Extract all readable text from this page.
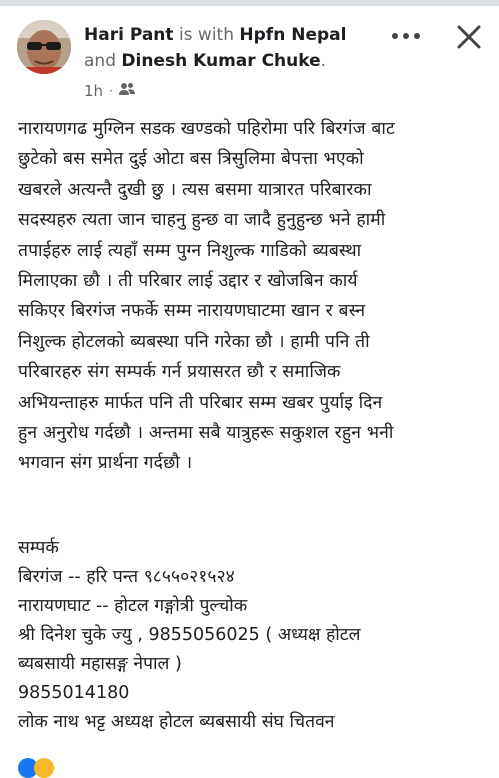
Hari Pant is with Hpfn Nepal
and Dinesh Kumar Chuke.
1h ·
नारायणगढ मुग्लिन सडक खण्डको पहिरोमा परि बिरगंज बाट
छुटेको बस समेत दुई ओटा बस त्रिसुलिमा बेपत्ता भएको
खबरले अत्यन्तै दुखी छु । त्यस बसमा यात्रारत परिबारका
सदस्यहरु त्यता जान चाहनु हुन्छ वा जादै हुनुहुन्छ भने हामी
तपाईहरु लाई त्यहाँ सम्म पुग्न निशुल्क गाडिको ब्यबस्था
मिलाएका छौ । ती परिबार लाई उद्दार र खोजबिन कार्य
सकिएर बिरगंज नफर्के सम्म नारायणघाटमा खान र बस्न
निशुल्क होटलको ब्यबस्था पनि गरेका छौ । हामी पनि ती
परिबारहरु संग सम्पर्क गर्न प्रयासरत छौ र समाजिक
अभियन्ताहरु मार्फत पनि ती परिबार सम्म खबर पुर्याइ दिन
हुन अनुरोध गर्दछौ । अन्तमा सबै यात्रुहरू सकुशल रहुन भनी
भगवान संग प्रार्थना गर्दछौ ।
सम्पर्क
बिरगंज -- हरि पन्त ९८५५०२१५२४
नारायणघाट -- होटल गङ्गोत्री पुल्चोक
श्री दिनेश चुके ज्यु , 9855056025 ( अध्यक्ष होटल
ब्यबसायी महासङ्ग नेपाल )
9855014180
लोक नाथ भट्ट अध्यक्ष होटल ब्यबसायी संघ चितवन
